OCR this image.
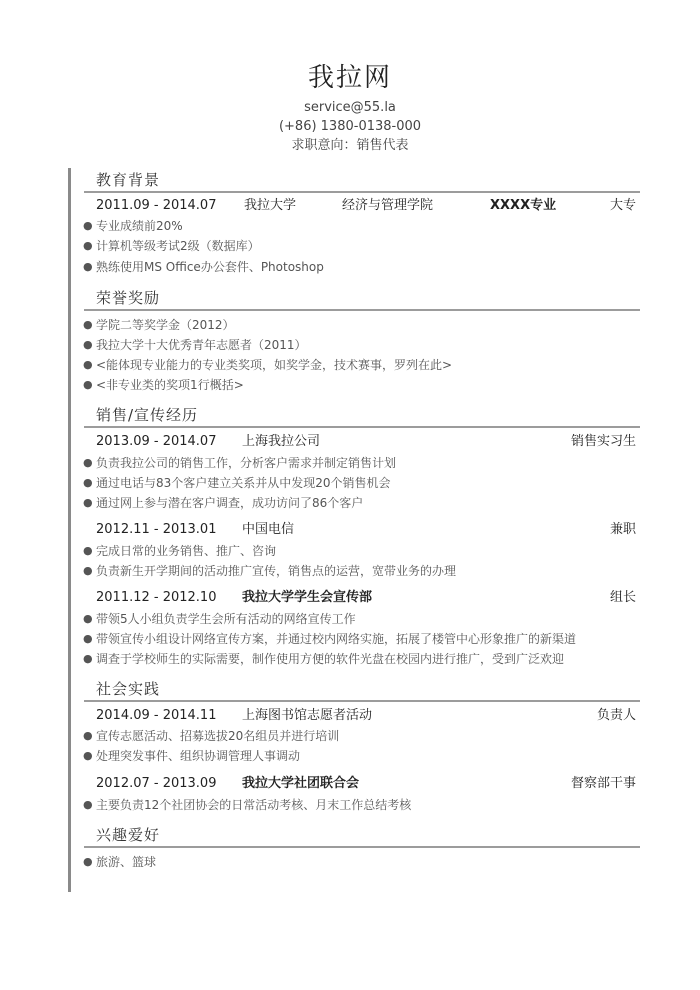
我拉网
service@55.la
(+86) 1380-0138-000
求职意向：销售代表
教育背景
2011.09 - 2014.07 我拉大学	经济与管理学院	XXXX专业	大专
● 专业成绩前20%
● 计算机等级考试2级（数据库）
● 熟练使用MS Office办公套件、Photoshop
荣誉奖励
● 学院二等奖学金（2012）
● 我拉大学十大优秀青年志愿者（2011）
● <能体现专业能力的专业类奖项，如奖学金，技术赛事，罗列在此>
● <非专业类的奖项1行概括>
销售/宣传经历
2013.09 - 2014.07 上海我拉公司	销售实习生
● 负责我拉公司的销售工作，分析客户需求并制定销售计划
● 通过电话与83个客户建立关系并从中发现20个销售机会
● 通过网上参与潜在客户调查，成功访问了86个客户
2012.11 - 2013.01 中国电信	兼职
● 完成日常的业务销售、推广、咨询
● 负责新生开学期间的活动推广宣传，销售点的运营，宽带业务的办理
2011.12 - 2012.10 我拉大学学生会宣传部	组长
● 带领5人小组负责学生会所有活动的网络宣传工作
● 带领宣传小组设计网络宣传方案，并通过校内网络实施，拓展了楼管中心形象推广的新渠道
● 调查于学校师生的实际需要，制作使用方便的软件光盘在校园内进行推广，受到广泛欢迎
社会实践
2014.09 - 2014.11 上海图书馆志愿者活动	负责人
● 宣传志愿活动、招募选拔20名组员并进行培训
● 处理突发事件、组织协调管理人事调动
2012.07 - 2013.09 我拉大学社团联合会	督察部干事
● 主要负责12个社团协会的日常活动考核、月末工作总结考核
兴趣爱好
● 旅游、篮球
